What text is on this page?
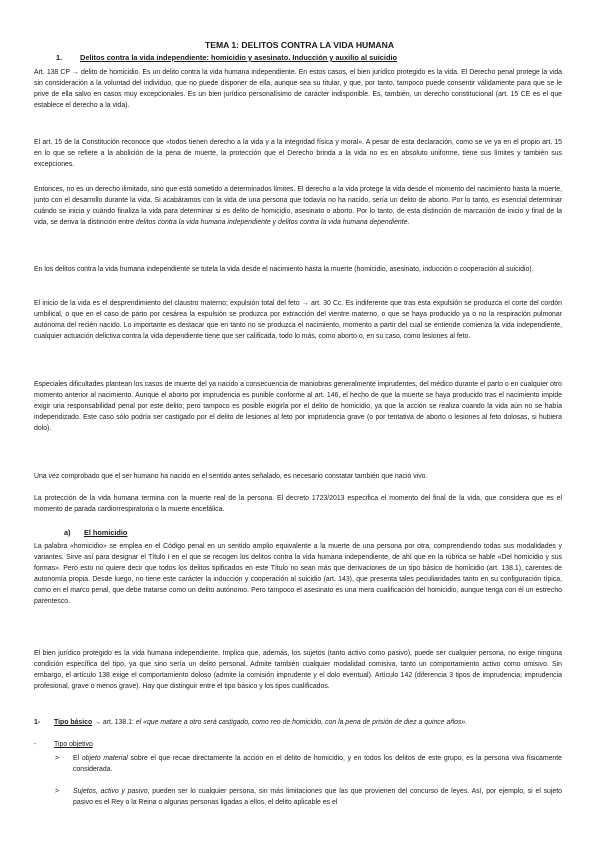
TEMA 1: DELITOS CONTRA LA VIDA HUMANA
1. Delitos contra la vida independiente: homicidio y asesinato. Inducción y auxilio al suicidio

Art. 138 CP → delito de homicidio. Es un delito contra la vida humana independiente. En estos casos, el bien jurídico protegido es la vida. El Derecho penal protege la vida sin consideración a la voluntad del individuo, que no puede disponer de ella, aunque sea su titular, y que, por tanto, tampoco puede consentir válidamente para que se le prive de ella salvo en casos muy excepcionales. Es un bien jurídico personalísimo de carácter indisponible. Es, también, un derecho constitucional (art. 15 CE es el que establece el derecho a la vida).

El art. 15 de la Constitución reconoce que «todos tienen derecho a la vida y a la integridad física y moral». A pesar de esta declaración, como se ve ya en el propio art. 15 en lo que se refiere a la abolición de la pena de muerte, la protección que el Derecho brinda a la vida no es en absoluto uniforme, tiene sus límites y también sus excepciones.

Entonces, no es un derecho ilimitado, sino que está sometido a determinados límites. El derecho a la vida protege la vida desde el momento del nacimiento hasta la muerte, junto con el desarrollo durante la vida. Si acabáramos con la vida de una persona que todavía no ha nacido, sería un delito de aborto. Por lo tanto, es esencial determinar cuándo se inicia y cuándo finaliza la vida para determinar si es delito de homicidio, asesinato o aborto. Por lo tanto, de esta distinción de marcación de inicio y final de la vida, se deriva la distinción entre delitos contra la vida humana independiente y delitos contra la vida humana dependiente.

En los delitos contra la vida humana independiente se tutela la vida desde el nacimiento hasta la muerte (homicidio, asesinato, inducción o cooperación al suicidio).

El inicio de la vida es el desprendimiento del claustro materno; expulsión total del feto → art. 30 Cc. Es indiferente que tras esta expulsión se produzca el corte del cordón umbilical, o que en el caso de parto por cesárea la expulsión se produzca por extracción del vientre materno, o que se haya producido ya o no la respiración pulmonar autónoma del recién nacido. Lo importante es destacar que en tanto no se produzca el nacimiento, momento a partir del cual se entiende comienza la vida independiente, cualquier actuación delictiva contra la vida dependiente tiene que ser calificada, todo lo más, como aborto o, en su caso, como lesiones al feto.

Especiales dificultades plantean los casos de muerte del ya nacido a consecuencia de maniobras generalmente imprudentes, del médico durante el parto o en cualquier otro momento anterior al nacimiento. Aunque el aborto por imprudencia es punible conforme al art. 146, el hecho de que la muerte se haya producido tras el nacimiento impide exigir una responsabilidad penal por este delito; pero tampoco es posible exigirla por el delito de homicidio, ya que la acción se realiza cuando la vida aún no se había independizado. Este caso sólo podría ser castigado por el delito de lesiones al feto por imprudencia grave (o por tentativa de aborto o lesiones al feto dolosas, si hubiera dolo).

Una vez comprobado que el ser humano ha nacido en el sentido antes señalado, es necesario constatar también que nació vivo.

La protección de la vida humana termina con la muerte real de la persona. El decreto 1723/2013 especifica el momento del final de la vida, que considera que es el momento de parada cardiorrespiratoria o la muerte encefálica.

a) El homicidio

La palabra «homicidio» se emplea en el Código penal en un sentido amplio equivalente a la muerte de una persona por otra, comprendiendo todas sus modalidades y variantes. Sirve así para designar el Título I en el que se recogen los delitos contra la vida humana independiente, de ahí que en la rúbrica se hable «Del homicidio y sus formas». Pero esto no quiere decir que todos los delitos tipificados en este Título no sean más que derivaciones de un tipo básico de homicidio (art. 138.1), carentes de autonomía propia. Desde luego, no tiene este carácter la inducción y cooperación al suicidio (art. 143), que presenta tales peculiaridades tanto en su configuración típica, como en el marco penal, que debe tratarse como un delito autónomo. Pero tampoco el asesinato es una mera cualificación del homicidio, aunque tenga con él un estrecho parentesco.

El bien jurídico protegido es la vida humana independiente. Implica que, además, los sujetos (tanto activo como pasivo), puede ser cualquier persona, no exige ninguna condición específica del tipo, ya que sino sería un delito personal. Admite también cualquier modalidad comisiva, tanto un comportamiento activo como omisivo. Sin embargo, el artículo 138 exige el comportamiento doloso (admite la comisión imprudente y el dolo eventual). Artículo 142 (diferencia 3 tipos de imprudencia; imprudencia profesional, grave o menos grave). Hay que distinguir entre el tipo básico y los tipos cualificados.

1- Tipo básico → art. 138.1: el «que matare a otro será castigado, como reo de homicidio, con la pena de prisión de diez a quince años».
-	Tipo objetivo
>	El objeto material sobre el que recae directamente la acción en el delito de homicidio, y en todos los delitos de este grupo, es la persona viva físicamente considerada.
>	Sujetos, activo y pasivo, pueden ser lo cualquier persona, sin más limitaciones que las que provienen del concurso de leyes. Así, por ejemplo, si el sujeto pasivo es el Rey o la Reina o algunas personas ligadas a ellos, el delito aplicable es el
